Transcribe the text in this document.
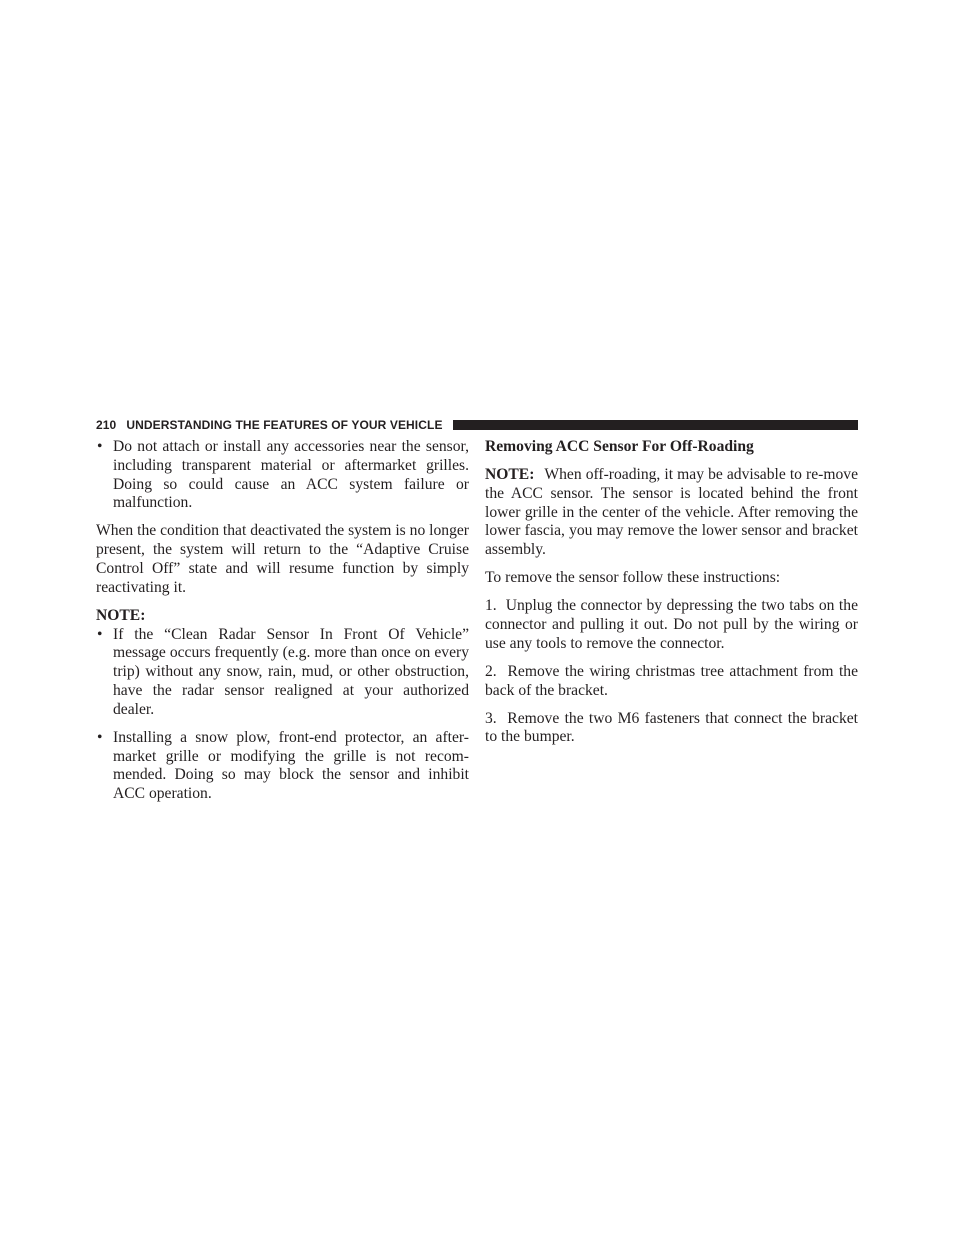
210 UNDERSTANDING THE FEATURES OF YOUR VEHICLE
• Do not attach or install any accessories near the sensor, including transparent material or aftermarket grilles. Doing so could cause an ACC system failure or malfunction.

When the condition that deactivated the system is no longer present, the system will return to the “Adaptive Cruise Control Off” state and will resume function by simply reactivating it.

NOTE:
• If the “Clean Radar Sensor In Front Of Vehicle” message occurs frequently (e.g. more than once on every trip) without any snow, rain, mud, or other obstruction, have the radar sensor realigned at your authorized dealer.
• Installing a snow plow, front-end protector, an after-market grille or modifying the grille is not recom-mended. Doing so may block the sensor and inhibit ACC operation.
Removing ACC Sensor For Off-Roading

NOTE: When off-roading, it may be advisable to re-move the ACC sensor. The sensor is located behind the front lower grille in the center of the vehicle. After removing the lower fascia, you may remove the lower sensor and bracket assembly.

To remove the sensor follow these instructions:

1.  Unplug the connector by depressing the two tabs on the connector and pulling it out. Do not pull by the wiring or use any tools to remove the connector.

2.  Remove the wiring christmas tree attachment from the back of the bracket.

3.  Remove the two M6 fasteners that connect the bracket to the bumper.
